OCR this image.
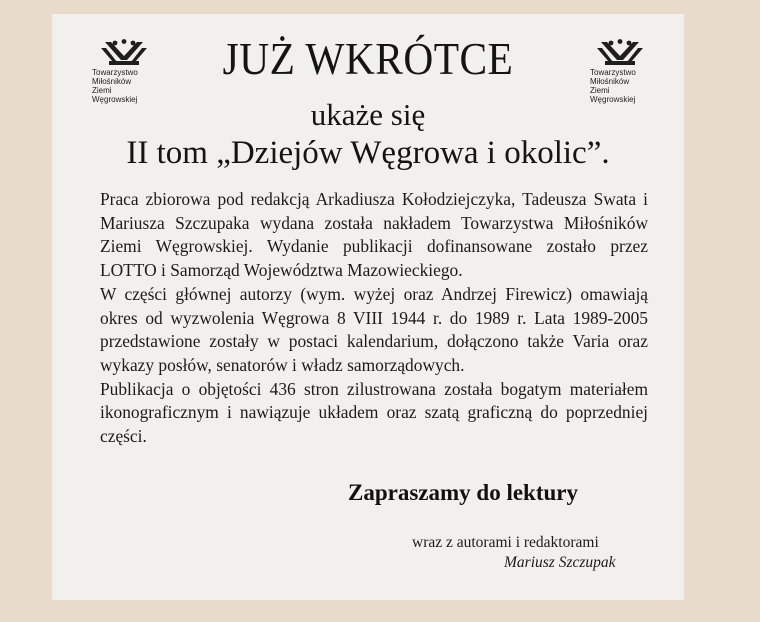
Towarzystwo
Miłośników
Ziemi
Węgrowskiej
Towarzystwo
Miłośników
Ziemi
Węgrowskiej
JUŻ WKRÓTCE
ukaże się
II tom „Dziejów Węgrowa i okolic”.

Praca zbiorowa pod redakcją Arkadiusza Kołodziejczyka, Tadeusza Swata i Mariusza Szczupaka wydana została nakładem Towarzystwa Miłośników Ziemi Węgrowskiej. Wydanie publikacji dofinansowane zostało przez LOTTO i Samorząd Województwa Mazowieckiego.

W części głównej autorzy (wym. wyżej oraz Andrzej Firewicz) omawiają okres od wyzwolenia Węgrowa 8 VIII 1944 r. do 1989 r. Lata 1989-2005 przedstawione zostały w postaci kalendarium, dołączono także Varia oraz wykazy posłów, senatorów i władz samorządowych.

Publikacja o objętości 436 stron zilustrowana została bogatym materiałem ikonograficznym i nawiązuje układem oraz szatą graficzną do poprzedniej części.

Zapraszamy do lektury
wraz z autorami i redaktorami
Mariusz Szczupak
